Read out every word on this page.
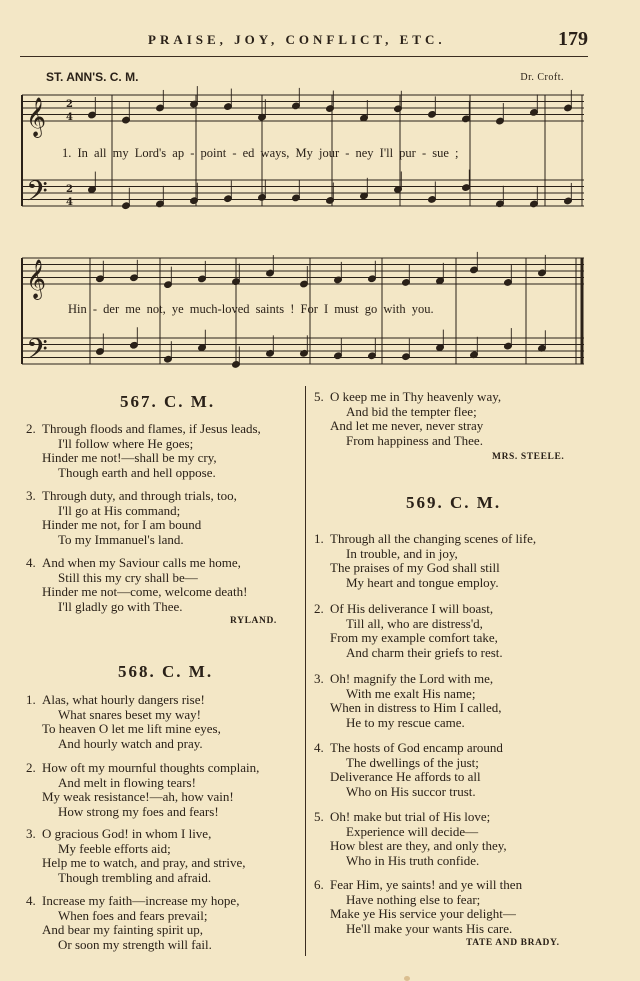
PRAISE, JOY, CONFLICT, ETC.	179
ST. ANN'S. C. M.	Dr. Croft.
𝄞
𝄢
𝄞
𝄢
2
4
2
4
1. In all my Lord's ap - point - ed ways, My jour - ney I'll pur - sue ;
Hin - der me not, ye much-loved saints ! For I must go with you.
567. C. M.
2. Through floods and flames, if Jesus leads,
I'll follow where He goes;
Hinder me not!—shall be my cry,
Though earth and hell oppose.
3. Through duty, and through trials, too,
I'll go at His command;
Hinder me not, for I am bound
To my Immanuel's land.
4. And when my Saviour calls me home,
Still this my cry shall be—
Hinder me not—come, welcome death!
I'll gladly go with Thee.
RYLAND.
568. C. M.
1. Alas, what hourly dangers rise!
What snares beset my way!
To heaven O let me lift mine eyes,
And hourly watch and pray.
2. How oft my mournful thoughts complain,
And melt in flowing tears!
My weak resistance!—ah, how vain!
How strong my foes and fears!
3. O gracious God! in whom I live,
My feeble efforts aid;
Help me to watch, and pray, and strive,
Though trembling and afraid.
4. Increase my faith—increase my hope,
When foes and fears prevail;
And bear my fainting spirit up,
Or soon my strength will fail.
5. O keep me in Thy heavenly way,
And bid the tempter flee;
And let me never, never stray
From happiness and Thee.
MRS. STEELE.
569. C. M.
1. Through all the changing scenes of life,
In trouble, and in joy,
The praises of my God shall still
My heart and tongue employ.
2. Of His deliverance I will boast,
Till all, who are distress'd,
From my example comfort take,
And charm their griefs to rest.
3. Oh! magnify the Lord with me,
With me exalt His name;
When in distress to Him I called,
He to my rescue came.
4. The hosts of God encamp around
The dwellings of the just;
Deliverance He affords to all
Who on His succor trust.
5. Oh! make but trial of His love;
Experience will decide—
How blest are they, and only they,
Who in His truth confide.
6. Fear Him, ye saints! and ye will then
Have nothing else to fear;
Make ye His service your delight—
He'll make your wants His care.
TATE AND BRADY.
